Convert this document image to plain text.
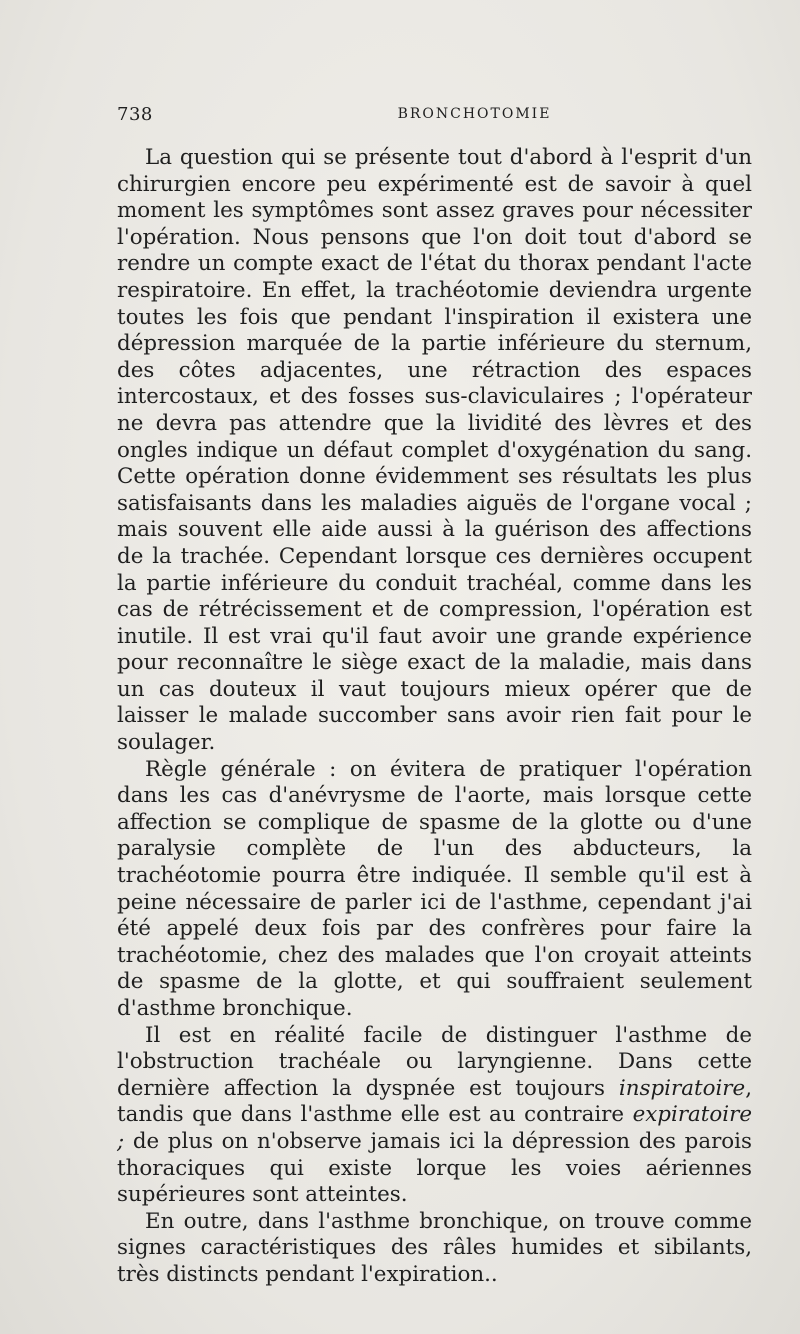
738	BRONCHOTOMIE

La question qui se présente tout d'abord à l'esprit d'un chirurgien encore peu expérimenté est de savoir à quel moment les symptômes sont assez graves pour nécessiter l'opération. Nous pensons que l'on doit tout d'abord se rendre un compte exact de l'état du thorax pendant l'acte respiratoire. En effet, la trachéotomie deviendra urgente toutes les fois que pendant l'inspiration il existera une dépression marquée de la partie inférieure du sternum, des côtes adjacentes, une rétraction des espaces intercostaux, et des fosses sus-claviculaires ; l'opérateur ne devra pas attendre que la lividité des lèvres et des ongles indique un défaut complet d'oxygénation du sang. Cette opération donne évidemment ses résultats les plus satisfaisants dans les maladies aiguës de l'organe vocal ; mais souvent elle aide aussi à la guérison des affections de la trachée. Cependant lorsque ces dernières occupent la partie inférieure du conduit trachéal, comme dans les cas de rétrécissement et de compression, l'opération est inutile. Il est vrai qu'il faut avoir une grande expérience pour reconnaître le siège exact de la maladie, mais dans un cas douteux il vaut toujours mieux opérer que de laisser le malade succomber sans avoir rien fait pour le soulager.

Règle générale : on évitera de pratiquer l'opération dans les cas d'anévrysme de l'aorte, mais lorsque cette affection se complique de spasme de la glotte ou d'une paralysie complète de l'un des abducteurs, la trachéotomie pourra être indiquée. Il semble qu'il est à peine nécessaire de parler ici de l'asthme, cependant j'ai été appelé deux fois par des confrères pour faire la trachéotomie, chez des malades que l'on croyait atteints de spasme de la glotte, et qui souffraient seulement d'asthme bronchique.

Il est en réalité facile de distinguer l'asthme de l'obstruction trachéale ou laryngienne. Dans cette dernière affection la dyspnée est toujours inspiratoire, tandis que dans l'asthme elle est au contraire expiratoire ; de plus on n'observe jamais ici la dépression des parois thoraciques qui existe lorque les voies aériennes supérieures sont atteintes.

En outre, dans l'asthme bronchique, on trouve comme signes caractéristiques des râles humides et sibilants, très distincts pendant l'expiration..
